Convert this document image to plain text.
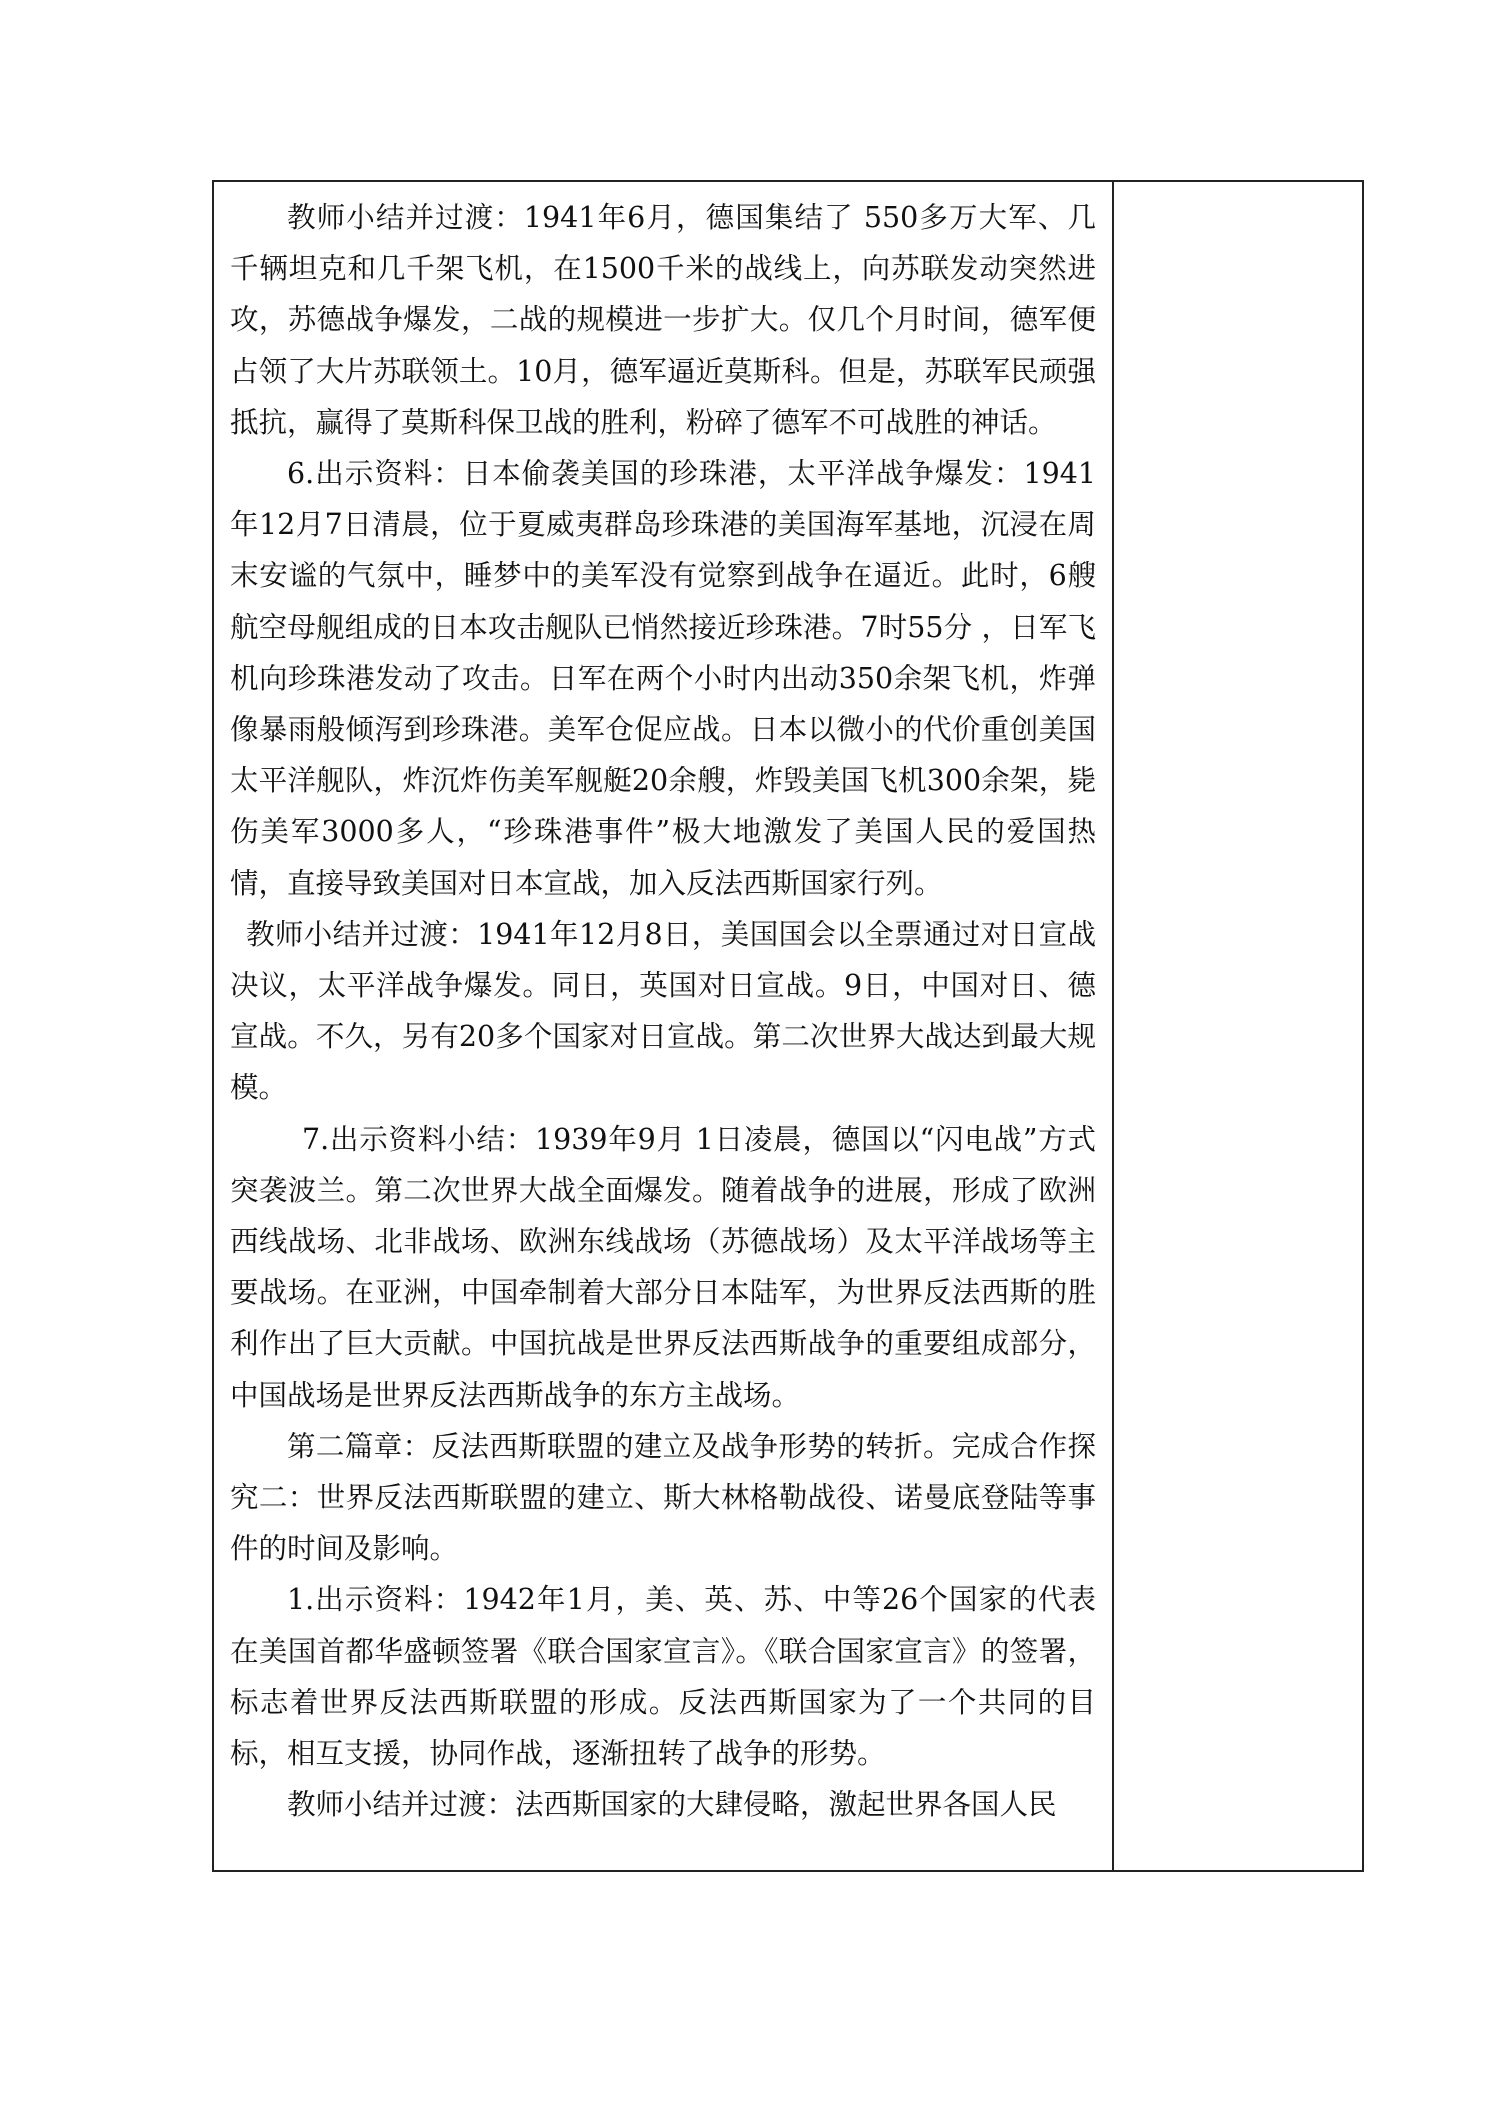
教师小结并过渡：1941年6月，德国集结了 550多万大军、几千辆坦克和几千架飞机，在1500千米的战线上，向苏联发动突然进攻，苏德战争爆发，二战的规模进一步扩大。仅几个月时间，德军便占领了大片苏联领土。10月，德军逼近莫斯科。但是，苏联军民顽强抵抗，赢得了莫斯科保卫战的胜利，粉碎了德军不可战胜的神话。

6.出示资料：日本偷袭美国的珍珠港，太平洋战争爆发：1941年12月7日清晨，位于夏威夷群岛珍珠港的美国海军基地，沉浸在周末安谧的气氛中，睡梦中的美军没有觉察到战争在逼近。此时，6艘航空母舰组成的日本攻击舰队已悄然接近珍珠港。7时55分 ，日军飞机向珍珠港发动了攻击。日军在两个小时内出动350余架飞机，炸弹像暴雨般倾泻到珍珠港。美军仓促应战。日本以微小的代价重创美国太平洋舰队，炸沉炸伤美军舰艇20余艘，炸毁美国飞机300余架，毙伤美军3000多人，“珍珠港事件”极大地激发了美国人民的爱国热情，直接导致美国对日本宣战，加入反法西斯国家行列。

教师小结并过渡：1941年12月8日，美国国会以全票通过对日宣战决议，太平洋战争爆发。同日，英国对日宣战。9日，中国对日、德宣战。不久，另有20多个国家对日宣战。第二次世界大战达到最大规模。

7.出示资料小结：1939年9月 1日凌晨，德国以“闪电战”方式突袭波兰。第二次世界大战全面爆发。随着战争的进展，形成了欧洲西线战场、北非战场、欧洲东线战场（苏德战场）及太平洋战场等主要战场。在亚洲，中国牵制着大部分日本陆军，为世界反法西斯的胜利作出了巨大贡献。中国抗战是世界反法西斯战争的重要组成部分，中国战场是世界反法西斯战争的东方主战场。

第二篇章：反法西斯联盟的建立及战争形势的转折。完成合作探究二：世界反法西斯联盟的建立、斯大林格勒战役、诺曼底登陆等事件的时间及影响。

1.出示资料：1942年1月，美、英、苏、中等26个国家的代表在美国首都华盛顿签署《联合国家宣言》。《联合国家宣言》的签署，标志着世界反法西斯联盟的形成。反法西斯国家为了一个共同的目标，相互支援，协同作战，逐渐扭转了战争的形势。

教师小结并过渡：法西斯国家的大肆侵略，激起世界各国人民
